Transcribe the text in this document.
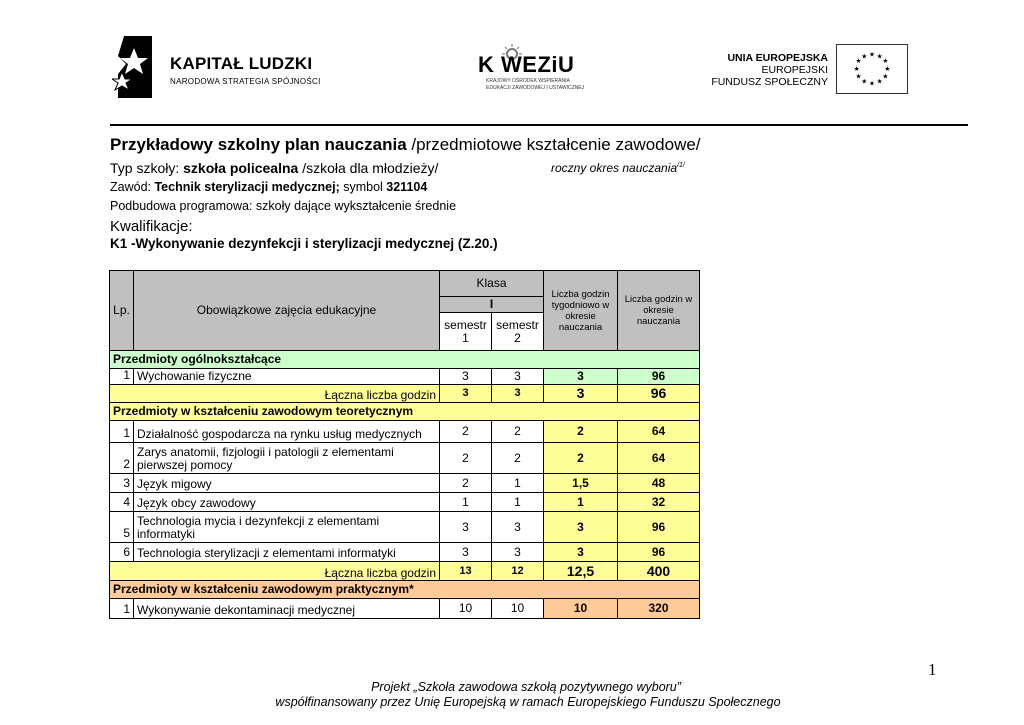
KAPITAŁ LUDZKI
NARODOWA STRATEGIA SPÓJNOŚCI
K WEZiU
KRAJOWY OŚRODEK WSPIERANIA
EDUKACJI ZAWODOWEJ I USTAWICZNEJ
UNIA EUROPEJSKA
EUROPEJSKI
FUNDUSZ SPOŁECZNY
★ ★
★
★
★
★
★
★
★
★
★
★
Przykładowy szkolny plan nauczania /przedmiotowe kształcenie zawodowe/
Typ szkoły: szkoła policealna /szkoła dla młodzieży/	roczny okres nauczania$^{/1/}$
Zawód: Technik sterylizacji medycznej; symbol 321104
Podbudowa programowa: szkoły dające wykształcenie średnie
Kwalifikacje:
K1 -Wykonywanie dezynfekcji i sterylizacji medycznej (Z.20.)
Lp.	Obowiązkowe zajęcia edukacyjne	Klasa		Liczba godzin tygodniowo w okresie nauczania	Liczba godzin w okresie nauczania
		I			
		semestr 1	semestr 2		
Przedmioty ogólnokształcące					
1	Wychowanie fizyczne	3	3	3	96
Łączna liczba godzin		3	3	3	96
Przedmioty w kształceniu zawodowym teoretycznym					
1	Działalność gospodarcza na rynku usług medycznych	2	2	2	64
2	Zarys anatomii, fizjologii i patologii z elementami pierwszej pomocy	2	2	2	64
3	Język migowy	2	1	1,5	48
4	Język obcy zawodowy	1	1	1	32
5	Technologia mycia i dezynfekcji z elementami informatyki	3	3	3	96
6	Technologia sterylizacji z elementami informatyki	3	3	3	96
Łączna liczba godzin		13	12	12,5	400
Przedmioty w kształceniu zawodowym praktycznym*					
1	Wykonywanie dekontaminacji medycznej	10	10	10	320
1
Projekt „Szkoła zawodowa szkołą pozytywnego wyboru”
współfinansowany przez Unię Europejską w ramach Europejskiego Funduszu Społecznego
